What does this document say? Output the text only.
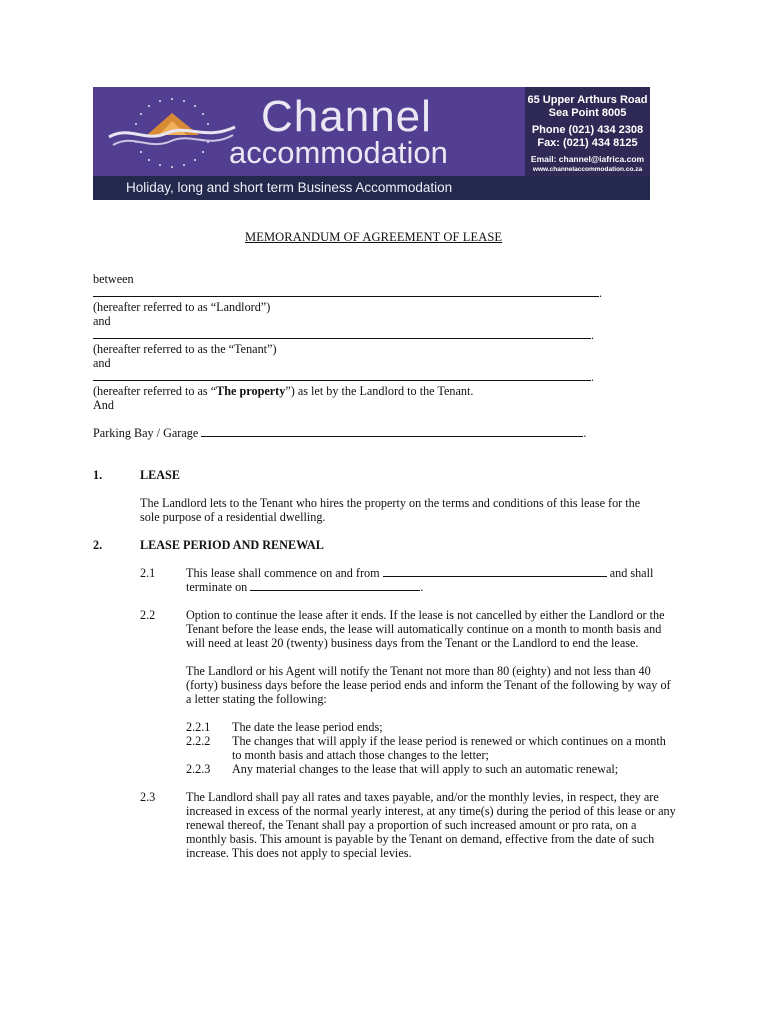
Channel
accommodation
65 Upper Arthurs Road
Sea Point 8005
Phone (021) 434 2308
Fax: (021) 434 8125
Email: channel@iafrica.com
www.channelaccommodation.co.za
Holiday, long and short term Business Accommodation
MEMORANDUM OF AGREEMENT OF LEASE
between
.
(hereafter referred to as “Landlord”)
and
.
(hereafter referred to as the “Tenant”)
and
.
(hereafter referred to as “The property”) as let by the Landlord to the Tenant.
And
Parking Bay / Garage	.
1.	LEASE
The Landlord lets to the Tenant who hires the property on the terms and conditions of this lease for the
sole purpose of a residential dwelling.
2.	LEASE PERIOD AND RENEWAL
2.1	This lease shall commence on and from	and shall
terminate on	.
2.2	Option to continue the lease after it ends. If the lease is not cancelled by either the Landlord or the Tenant before the lease ends, the lease will automatically continue on a month to month basis and will need at least 20 (twenty) business days from the Tenant or the Landlord to end the lease.
The Landlord or his Agent will notify the Tenant not more than 80 (eighty) and not less than 40 (forty) business days before the lease period ends and inform the Tenant of the following by way of a letter stating the following:
2.2.1 The date the lease period ends;
2.2.2 The changes that will apply if the lease period is renewed or which continues on a month to month basis and attach those changes to the letter;
2.2.3 Any material changes to the lease that will apply to such an automatic renewal;
2.3	The Landlord shall pay all rates and taxes payable, and/or the monthly levies, in respect, they are increased in excess of the normal yearly interest, at any time(s) during the period of this lease or any renewal thereof, the Tenant shall pay a proportion of such increased amount or pro rata, on a monthly basis. This amount is payable by the Tenant on demand, effective from the date of such increase. This does not apply to special levies.
